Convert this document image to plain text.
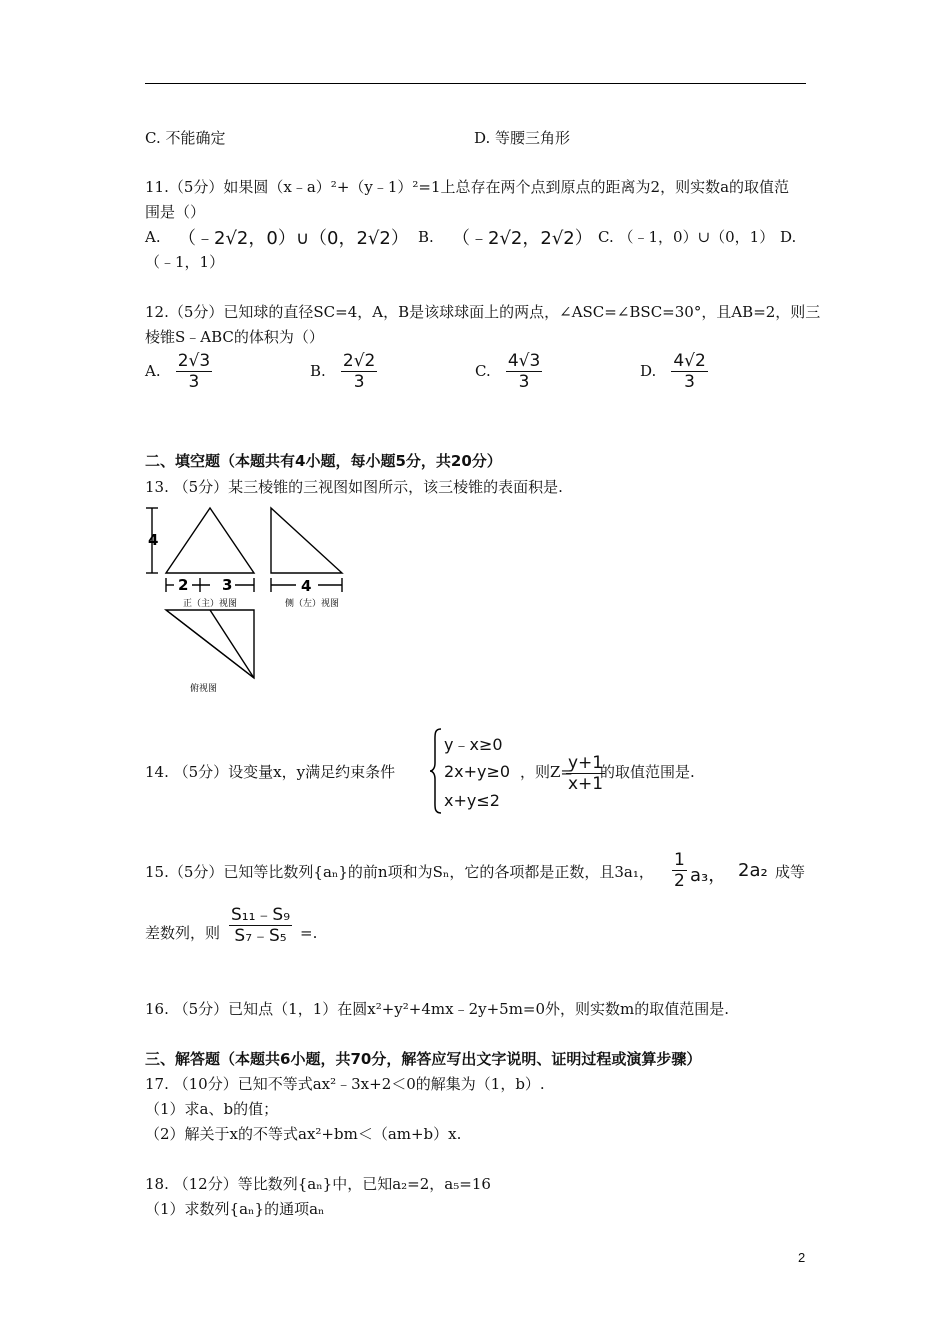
C. 不能确定	D. 等腰三角形
11.（5分）如果圆（x﹣a）²+（y﹣1）²=1上总存在两个点到原点的距离为2，则实数a的取值范
围是（）
A. （﹣2√2，0）∪（0，2√2） B. （﹣2√2，2√2） C. （﹣1，0）∪（0，1） D.
（﹣1，1）
12.（5分）已知球的直径SC=4，A，B是该球球面上的两点，∠ASC=∠BSC=30°，且AB=2，则三
棱锥S﹣ABC的体积为（）
A. $\frac{2√3}{3}$	B. $\frac{2√2}{3}$	C. $\frac{4√3}{3}$	D. $\frac{4√2}{3}$
二、填空题（本题共有4小题，每小题5分，共20分）
13. （5分）某三棱锥的三视图如图所示，该三棱锥的表面积是.
4
2 3
正（主）视图
4
侧（左）视图
俯视图
14. （5分）设变量x，y满足约束条件
y﹣x≥0
2x+y≥0
x+y≤2
，则Z=
$\frac{y+1}{x+1}$
的取值范围是.
15.（5分）已知等比数列{aₙ}的前n项和为Sₙ，它的各项都是正数，且3a₁， $\frac{1}{2} a_3$， 2a₂ 成等
差数列，则 $\frac{\text{S₁₁﹣S₉}}{\text{S₇﹣S₅}}$ =.
16. （5分）已知点（1，1）在圆x²+y²+4mx﹣2y+5m=0外，则实数m的取值范围是.
三、解答题（本题共6小题，共70分，解答应写出文字说明、证明过程或演算步骤）
17. （10分）已知不等式ax²﹣3x+2＜0的解集为（1，b）.
（1）求a、b的值；
（2）解关于x的不等式ax²+bm＜（am+b）x.
18. （12分）等比数列{aₙ}中，已知a₂=2，a₅=16
（1）求数列{aₙ}的通项aₙ
2
